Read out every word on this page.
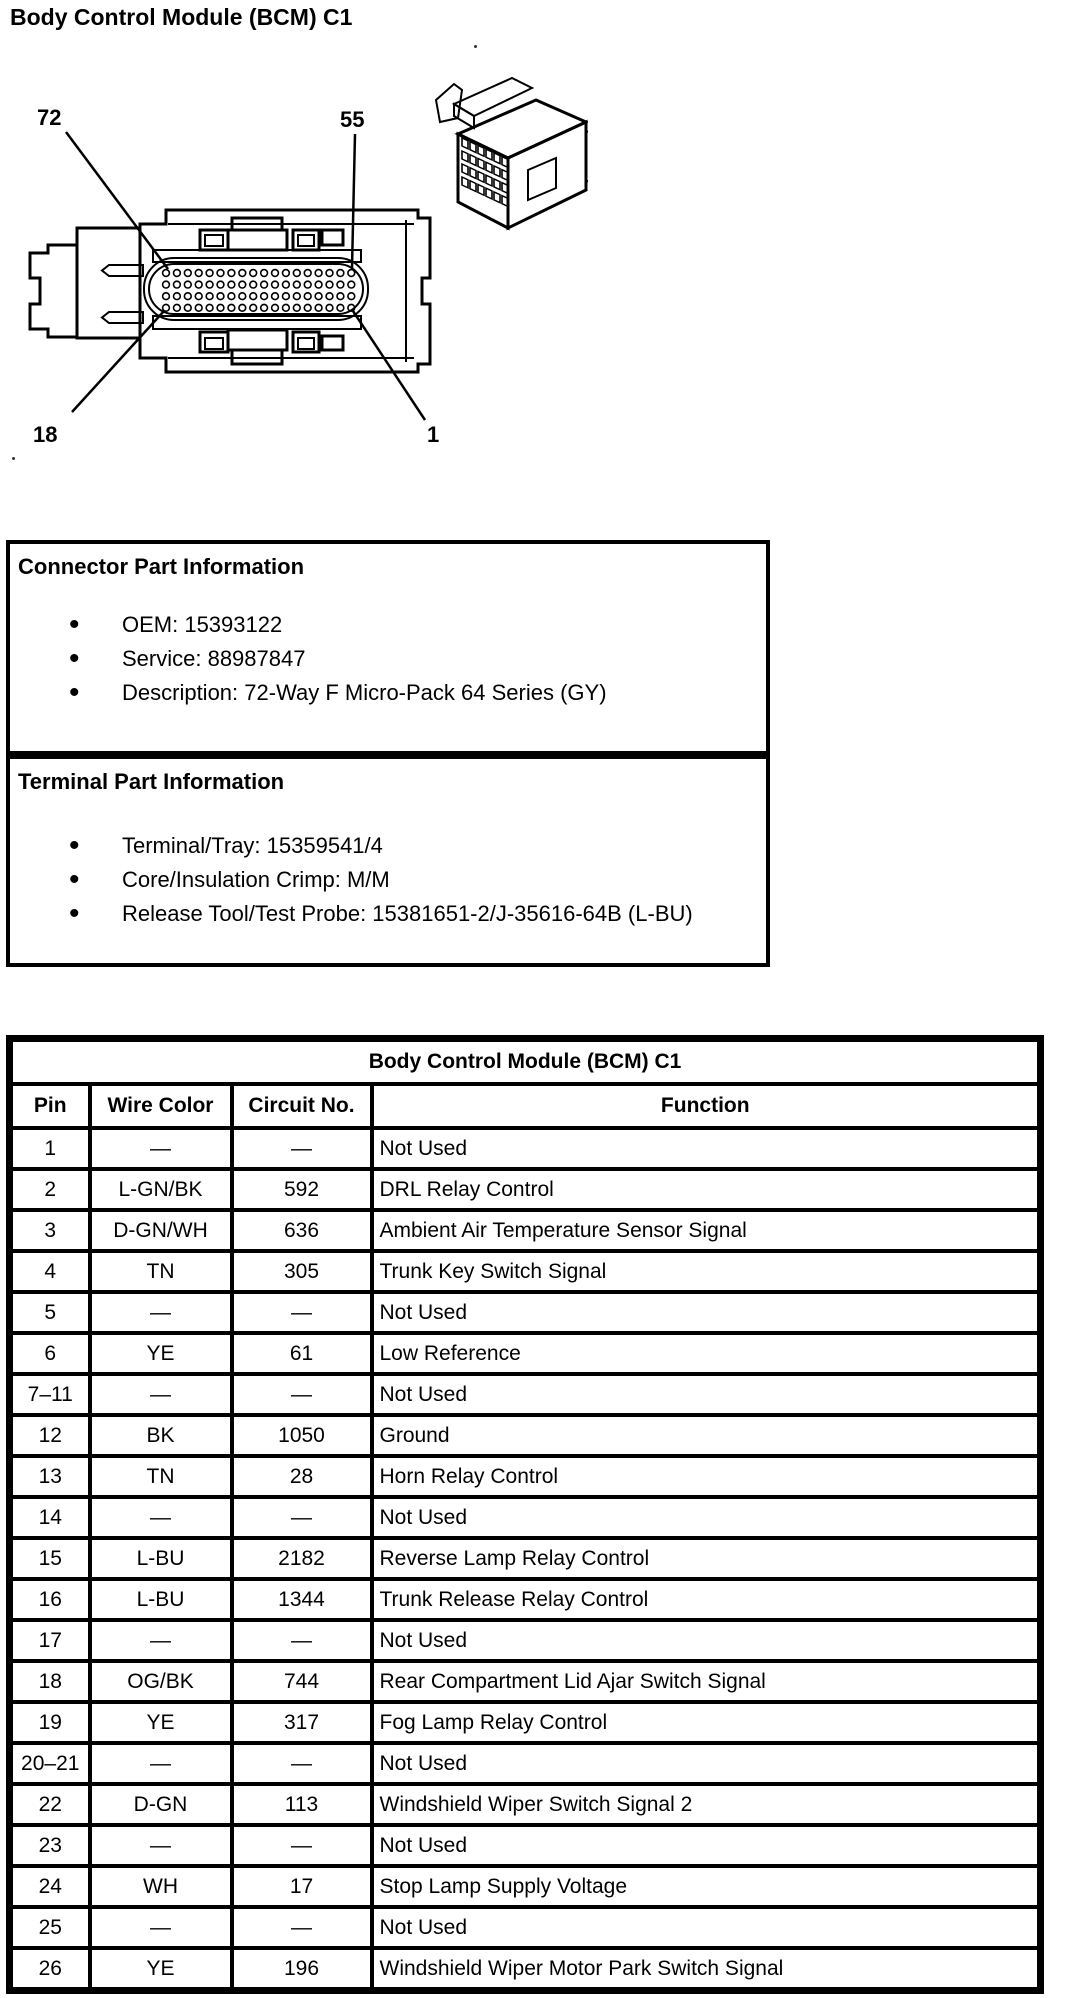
Body Control Module (BCM) C1
72	55
18	1
Connector Part Information
• OEM: 15393122
• Service: 88987847
• Description: 72-Way F Micro-Pack 64 Series (GY)
Terminal Part Information
• Terminal/Tray: 15359541/4
• Core/Insulation Crimp: M/M
• Release Tool/Test Probe: 15381651-2/J-35616-64B (L-BU)
Body Control Module (BCM) C1			
Pin	Wire Color	Circuit No.	Function
1	—	—	Not Used
2	L-GN/BK	592	DRL Relay Control
3	D-GN/WH	636	Ambient Air Temperature Sensor Signal
4	TN	305	Trunk Key Switch Signal
5	—	—	Not Used
6	YE	61	Low Reference
7–11	—	—	Not Used
12	BK	1050	Ground
13	TN	28	Horn Relay Control
14	—	—	Not Used
15	L-BU	2182	Reverse Lamp Relay Control
16	L-BU	1344	Trunk Release Relay Control
17	—	—	Not Used
18	OG/BK	744	Rear Compartment Lid Ajar Switch Signal
19	YE	317	Fog Lamp Relay Control
20–21	—	—	Not Used
22	D-GN	113	Windshield Wiper Switch Signal 2
23	—	—	Not Used
24	WH	17	Stop Lamp Supply Voltage
25	—	—	Not Used
26	YE	196	Windshield Wiper Motor Park Switch Signal
